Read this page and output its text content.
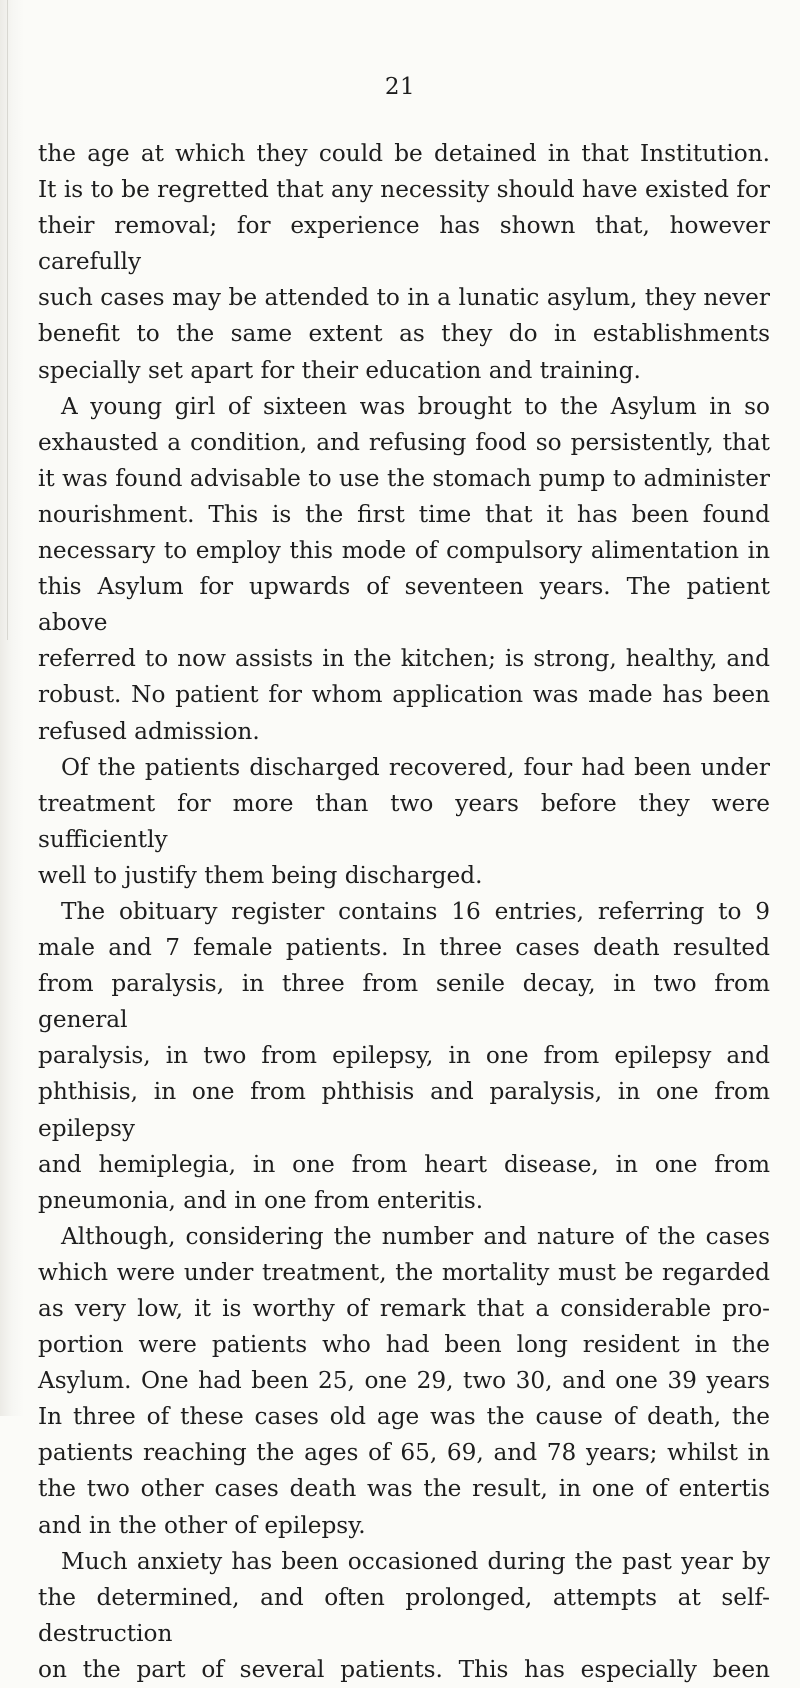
21
the age at which they could be detained in that Institution.
It is to be regretted that any necessity should have existed for
their removal; for experience has shown that, however carefully
such cases may be attended to in a lunatic asylum, they never
benefit to the same extent as they do in establishments
specially set apart for their education and training.
A young girl of sixteen was brought to the Asylum in so
exhausted a condition, and refusing food so persistently, that
it was found advisable to use the stomach pump to administer
nourishment. This is the first time that it has been found
necessary to employ this mode of compulsory alimentation in
this Asylum for upwards of seventeen years. The patient above
referred to now assists in the kitchen; is strong, healthy, and
robust. No patient for whom application was made has been
refused admission.
Of the patients discharged recovered, four had been under
treatment for more than two years before they were sufficiently
well to justify them being discharged.
The obituary register contains 16 entries, referring to 9
male and 7 female patients. In three cases death resulted
from paralysis, in three from senile decay, in two from general
paralysis, in two from epilepsy, in one from epilepsy and
phthisis, in one from phthisis and paralysis, in one from epilepsy
and hemiplegia, in one from heart disease, in one from
pneumonia, and in one from enteritis.
Although, considering the number and nature of the cases
which were under treatment, the mortality must be regarded
as very low, it is worthy of remark that a considerable pro-
portion were patients who had been long resident in the
Asylum. One had been 25, one 29, two 30, and one 39 years
In three of these cases old age was the cause of death, the
patients reaching the ages of 65, 69, and 78 years; whilst in
the two other cases death was the result, in one of entertis
and in the other of epilepsy.
Much anxiety has been occasioned during the past year by
the determined, and often prolonged, attempts at self-destruction
on the part of several patients. This has especially been
